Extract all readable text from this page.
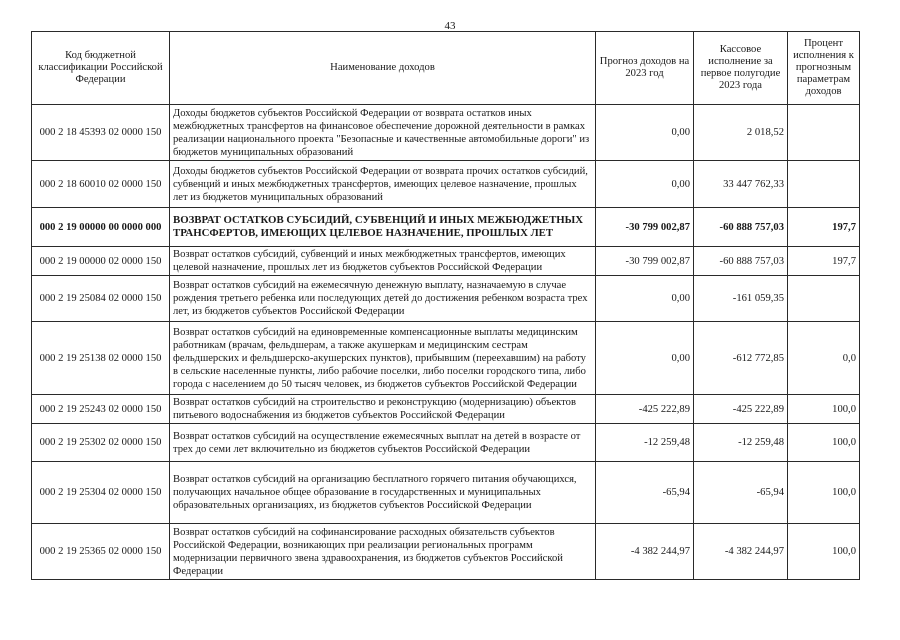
43
Код бюджетной классификации Российской Федерации	Наименование доходов	Прогноз доходов на 2023 год	Кассовое исполнение за первое полугодие 2023 года	Процент исполнения к прогнозным параметрам доходов
000 2 18 45393 02 0000 150	Доходы бюджетов субъектов Российской Федерации от возврата остатков иных межбюджетных трансфертов на финансовое обеспечение дорожной деятельности в рамках реализации национального проекта "Безопасные и качественные автомобильные дороги" из бюджетов муниципальных образований	0,00	2 018,52	
000 2 18 60010 02 0000 150	Доходы бюджетов субъектов Российской Федерации от возврата прочих остатков субсидий, субвенций и иных межбюджетных трансфертов, имеющих целевое назначение, прошлых лет из бюджетов муниципальных образований	0,00	33 447 762,33	
000 2 19 00000 00 0000 000	ВОЗВРАТ ОСТАТКОВ СУБСИДИЙ, СУБВЕНЦИЙ И ИНЫХ МЕЖБЮДЖЕТНЫХ ТРАНСФЕРТОВ, ИМЕЮЩИХ ЦЕЛЕВОЕ НАЗНАЧЕНИЕ, ПРОШЛЫХ ЛЕТ	-30 799 002,87	-60 888 757,03	197,7
000 2 19 00000 02 0000 150	Возврат остатков субсидий, субвенций и иных межбюджетных трансфертов, имеющих целевой назначение, прошлых лет из бюджетов субъектов Российской Федерации	-30 799 002,87	-60 888 757,03	197,7
000 2 19 25084 02 0000 150	Возврат остатков субсидий на ежемесячную денежную выплату, назначаемую в случае рождения третьего ребенка или последующих детей до достижения ребенком возраста трех лет, из бюджетов субъектов Российской Федерации	0,00	-161 059,35	
000 2 19 25138 02 0000 150	Возврат остатков субсидий на единовременные компенсационные выплаты медицинским работникам (врачам, фельдшерам, а также акушеркам и медицинским сестрам фельдшерских и фельдшерско-акушерских пунктов), прибывшим (переехавшим) на работу в сельские населенные пункты, либо рабочие поселки, либо поселки городского типа, либо города с населением до 50 тысяч человек, из бюджетов субъектов Российской Федерации	0,00	-612 772,85	0,0
000 2 19 25243 02 0000 150	Возврат остатков субсидий на строительство и реконструкцию (модернизацию) объектов питьевого водоснабжения из бюджетов субъектов Российской Федерации	-425 222,89	-425 222,89	100,0
000 2 19 25302 02 0000 150	Возврат остатков субсидий на осуществление ежемесячных выплат на детей в возрасте от трех до семи лет включительно из бюджетов субъектов Российской Федерации	-12 259,48	-12 259,48	100,0
000 2 19 25304 02 0000 150	Возврат остатков субсидий на организацию бесплатного горячего питания обучающихся, получающих начальное общее образование в государственных и муниципальных образовательных организациях, из бюджетов субъектов Российской Федерации	-65,94	-65,94	100,0
000 2 19 25365 02 0000 150	Возврат остатков субсидий на софинансирование расходных обязательств субъектов Российской Федерации, возникающих при реализации региональных программ модернизации первичного звена здравоохранения, из бюджетов субъектов Российской Федерации	-4 382 244,97	-4 382 244,97	100,0
